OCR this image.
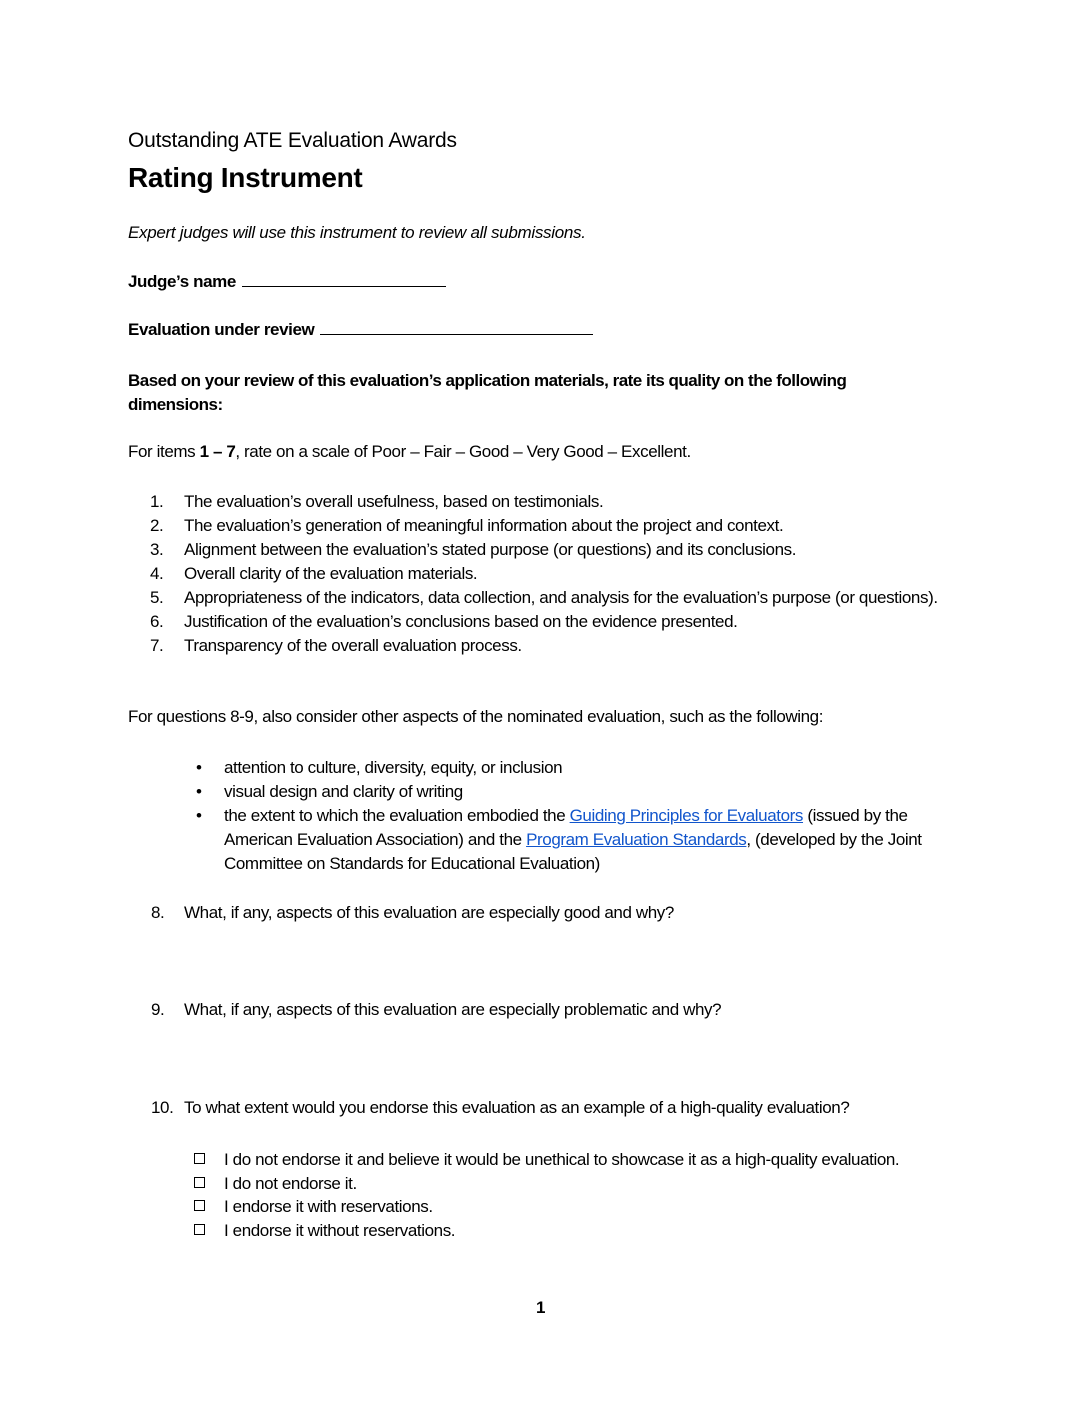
Outstanding ATE Evaluation Awards
Rating Instrument
Expert judges will use this instrument to review all submissions.
Judge’s name
Evaluation under review
Based on your review of this evaluation’s application materials, rate its quality on the following dimensions:
For items 1 – 7, rate on a scale of Poor – Fair – Good – Very Good – Excellent.
1.	The evaluation’s overall usefulness, based on testimonials.
2.	The evaluation’s generation of meaningful information about the project and context.
3.	Alignment between the evaluation’s stated purpose (or questions) and its conclusions.
4.	Overall clarity of the evaluation materials.
5.	Appropriateness of the indicators, data collection, and analysis for the evaluation’s purpose (or questions).
6.	Justification of the evaluation’s conclusions based on the evidence presented.
7.	Transparency of the overall evaluation process.
For questions 8-9, also consider other aspects of the nominated evaluation, such as the following:
• attention to culture, diversity, equity, or inclusion
• visual design and clarity of writing
• the extent to which the evaluation embodied the Guiding Principles for Evaluators (issued by the American Evaluation Association) and the Program Evaluation Standards, (developed by the Joint Committee on Standards for Educational Evaluation)
8. What, if any, aspects of this evaluation are especially good and why?
9. What, if any, aspects of this evaluation are especially problematic and why?
10. To what extent would you endorse this evaluation as an example of a high-quality evaluation?
I do not endorse it and believe it would be unethical to showcase it as a high-quality evaluation.
I do not endorse it.
I endorse it with reservations.
I endorse it without reservations.
1
